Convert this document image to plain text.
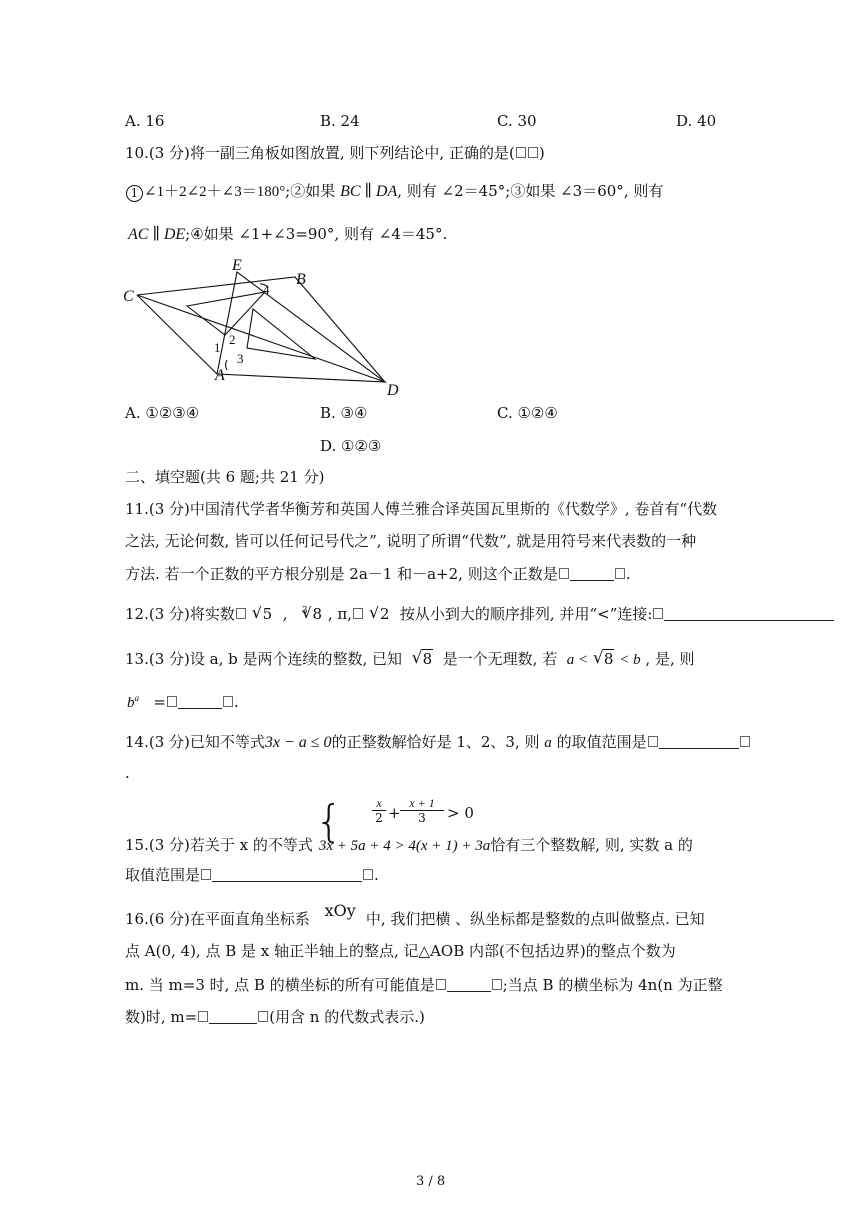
A. 16	B. 24	C. 30	D. 40
10.(3 分)将一副三角板如图放置, 则下列结论中, 正确的是( )
1 ∠1＋2∠2＋∠3＝180°;②如果 BC ∥ DA, 则有 ∠2＝45°;③如果 ∠3＝60°, 则有
AC ∥ DE;④如果 ∠1+∠3=90°, 则有 ∠4＝45°.
E
B
C
A
D
4
1
2
3
A. ①②③④	B. ③④	C. ①②④
D. ①②③
二、填空题(共 6 题;共 21 分)
11.(3 分)中国清代学者华衡芳和英国人傅兰雅合译英国瓦里斯的《代数学》, 卷首有“代数
之法, 无论何数, 皆可以任何记号代之”, 说明了所谓“代数”, 就是用符号来代表数的一种
方法. 若一个正数的平方根分别是 2a－1 和－a+2, 则这个正数是	.
12.(3 分)将实数 √ 5  ,   $^3$ √ 8 , π, √ 2 按从小到大的顺序排列, 并用“<”连接:
13.(3 分)设 a, b 是两个连续的整数, 已知 √ 8 是一个无理数, 若 a < √ 8 < b , 是, 则
$b^a$ =	.
14.(3 分)已知不等式3x − a ≤ 0的正整数解恰好是 1、2、3, 则 a 的取值范围是
.
{ $\frac{x}{2} + \frac{x + 1}{3} > 0$
15.(3 分)若关于 x 的不等式 3x + 5a + 4 > 4(x + 1) + 3a恰有三个整数解, 则, 实数 a 的
取值范围是	.
16.(6 分)在平面直角坐标系 xOy 中, 我们把横 、纵坐标都是整数的点叫做整点. 已知
点 A(0, 4), 点 B 是 x 轴正半轴上的整点, 记△AOB 内部(不包括边界)的整点个数为
m. 当 m=3 时, 点 B 的横坐标的所有可能值是	;当点 B 的横坐标为 4n(n 为正整
数)时, m=	(用含 n 的代数式表示.)
3 / 8
